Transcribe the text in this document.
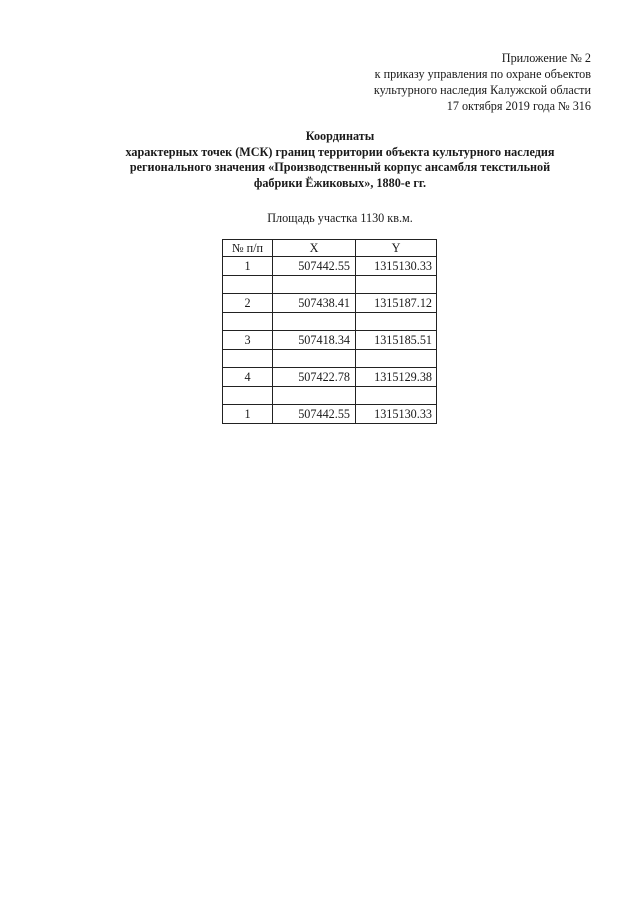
Приложение № 2
к приказу управления по охране объектов
культурного наследия Калужской области
17 октября 2019 года № 316
Координаты
характерных точек (МСК) границ территории объекта культурного наследия
регионального значения «Производственный корпус ансамбля текстильной
фабрики Ёжиковых», 1880-е гг.
Площадь участка 1130 кв.м.
№ п/п	X	Y
1	507442.55	1315130.33

2	507438.41	1315187.12

3	507418.34	1315185.51

4	507422.78	1315129.38

1	507442.55	1315130.33
